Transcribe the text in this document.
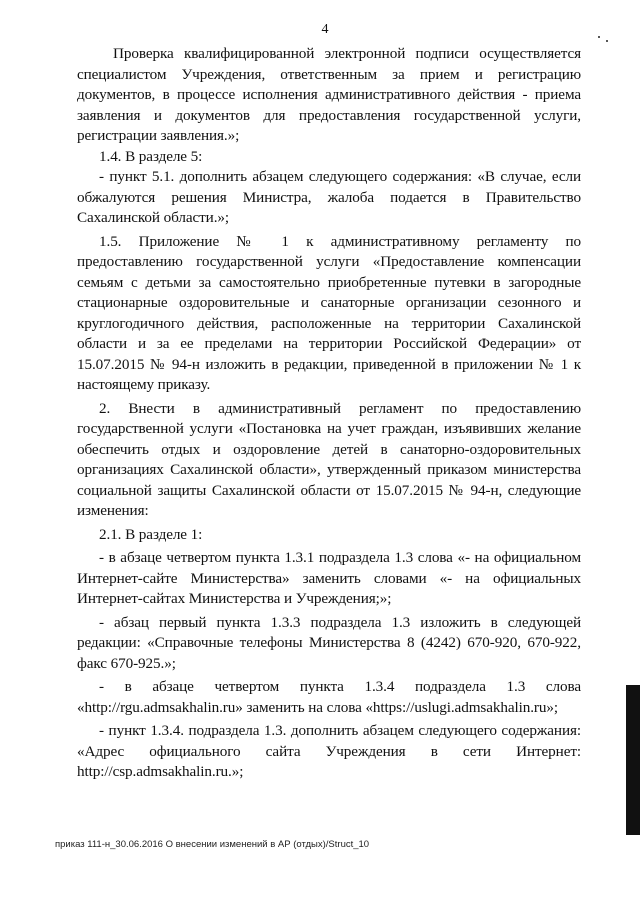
4

Проверка квалифицированной электронной подписи осуществляется специалистом Учреждения, ответственным за прием и регистрацию документов, в процессе исполнения административного действия - приема заявления и документов для предоставления государственной услуги, регистрации заявления.»;

1.4. В разделе 5:

- пункт 5.1. дополнить абзацем следующего содержания: «В случае, если обжалуются решения Министра, жалоба подается в Правительство Сахалинской области.»;

1.5. Приложение № 1 к административному регламенту по предоставлению государственной услуги «Предоставление компенсации семьям с детьми за самостоятельно приобретенные путевки в загородные стационарные оздоровительные и санаторные организации сезонного и круглогодичного действия, расположенные на территории Сахалинской области и за ее пределами на территории Российской Федерации» от 15.07.2015 № 94-н изложить в редакции, приведенной в приложении № 1 к настоящему приказу.

2. Внести в административный регламент по предоставлению государственной услуги «Постановка на учет граждан, изъявивших желание обеспечить отдых и оздоровление детей в санаторно-оздоровительных организациях Сахалинской области», утвержденный приказом министерства социальной защиты Сахалинской области от 15.07.2015 № 94-н, следующие изменения:

2.1. В разделе 1:

- в абзаце четвертом пункта 1.3.1 подраздела 1.3 слова «- на официальном Интернет-сайте Министерства» заменить словами «- на официальных Интернет-сайтах Министерства и Учреждения;»;

- абзац первый пункта 1.3.3 подраздела 1.3 изложить в следующей редакции: «Справочные телефоны Министерства 8 (4242) 670-920, 670-922, факс 670-925.»;

- в абзаце четвертом пункта 1.3.4 подраздела 1.3 слова «http://rgu.admsakhalin.ru» заменить на слова «https://uslugi.admsakhalin.ru»;

- пункт 1.3.4. подраздела 1.3. дополнить абзацем следующего содержания: «Адрес официального сайта Учреждения в сети Интернет: http://csp.admsakhalin.ru.»;

приказ 111-н_30.06.2016 О внесении изменений в АР (отдых)/Struct_10
